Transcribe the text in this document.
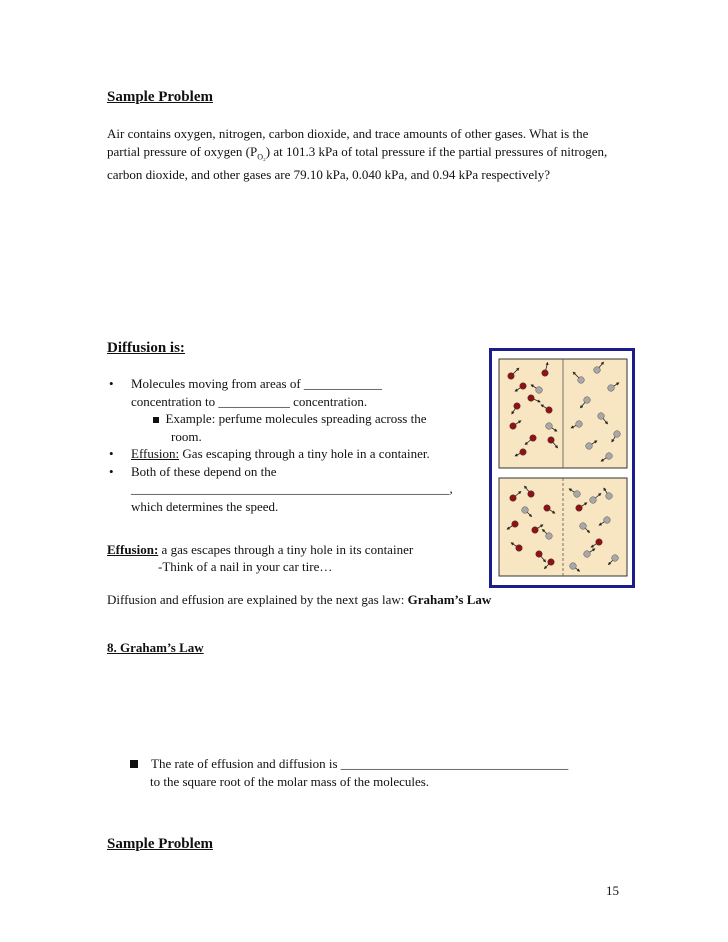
Sample Problem
Air contains oxygen, nitrogen, carbon dioxide, and trace amounts of other gases. What is the partial pressure of oxygen $(P_{O_2})$ at 101.3 kPa of total pressure if the partial pressures of nitrogen, carbon dioxide, and other gases are 79.10 kPa, 0.040 kPa, and 0.94 kPa respectively?
Diffusion is:
• Molecules moving from areas of ____________
concentration to ___________ concentration.
Example: perfume molecules spreading across the
room.
• Effusion: Gas escaping through a tiny hole in a container.
• Both of these depend on the
_________________________________________________,
which determines the speed.
Effusion: a gas escapes through a tiny hole in its container
-Think of a nail in your car tire…
Diffusion and effusion are explained by the next gas law: Graham’s Law
8. Graham’s Law
The rate of effusion and diffusion is ___________________________________
to the square root of the molar mass of the molecules.
Sample Problem
15
